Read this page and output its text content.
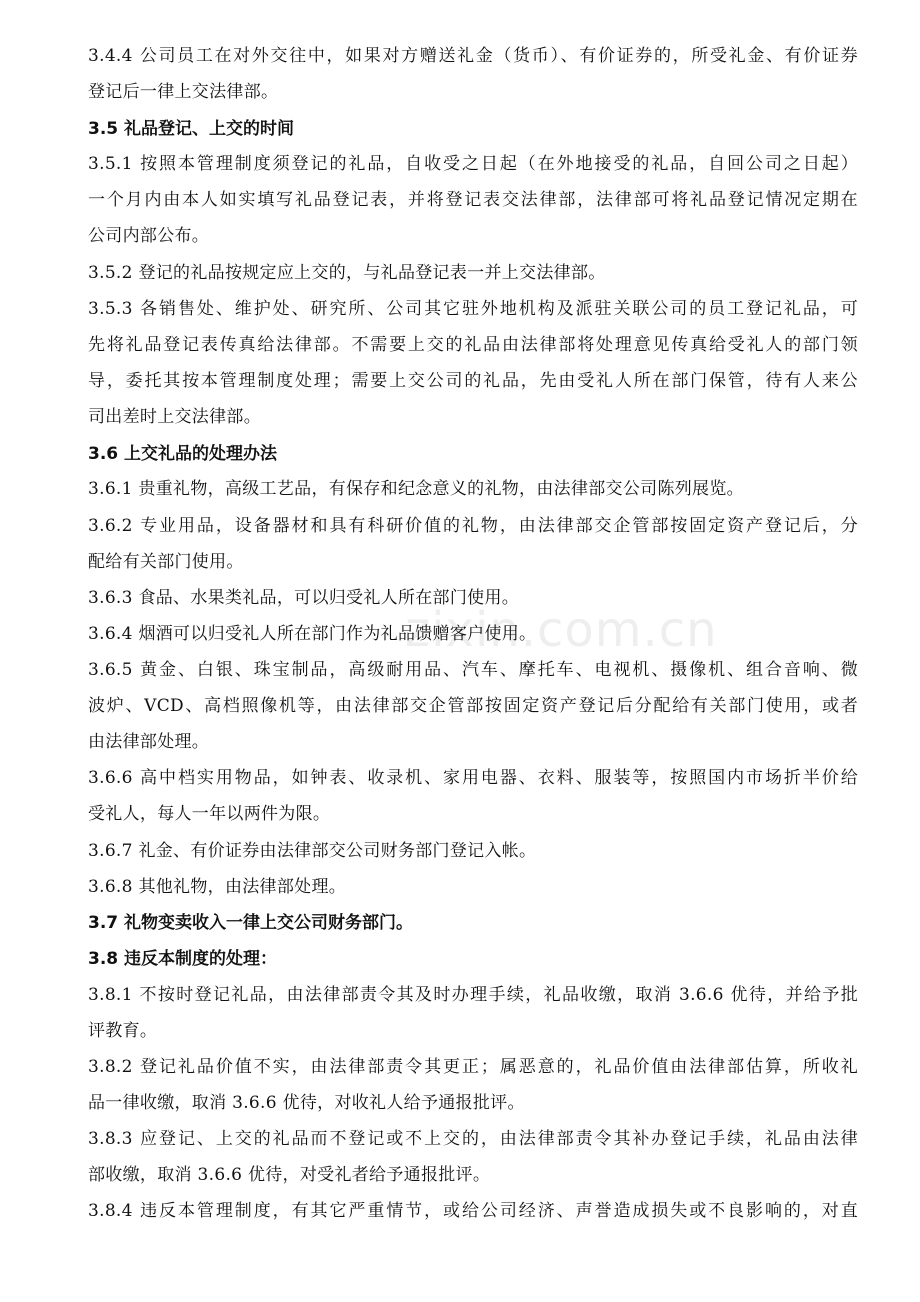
zixin.com.cn
3.4.4 公司员工在对外交往中，如果对方赠送礼金（货币）、有价证券的，所受礼金、有价证券
登记后一律上交法律部。
3.5 礼品登记、上交的时间
3.5.1 按照本管理制度须登记的礼品，自收受之日起（在外地接受的礼品，自回公司之日起）
一个月内由本人如实填写礼品登记表，并将登记表交法律部，法律部可将礼品登记情况定期在
公司内部公布。
3.5.2 登记的礼品按规定应上交的，与礼品登记表一并上交法律部。
3.5.3 各销售处、维护处、研究所、公司其它驻外地机构及派驻关联公司的员工登记礼品，可
先将礼品登记表传真给法律部。不需要上交的礼品由法律部将处理意见传真给受礼人的部门领
导，委托其按本管理制度处理；需要上交公司的礼品，先由受礼人所在部门保管，待有人来公
司出差时上交法律部。
3.6 上交礼品的处理办法
3.6.1 贵重礼物，高级工艺品，有保存和纪念意义的礼物，由法律部交公司陈列展览。
3.6.2 专业用品，设备器材和具有科研价值的礼物，由法律部交企管部按固定资产登记后，分
配给有关部门使用。
3.6.3 食品、水果类礼品，可以归受礼人所在部门使用。
3.6.4 烟酒可以归受礼人所在部门作为礼品馈赠客户使用。
3.6.5 黄金、白银、珠宝制品，高级耐用品、汽车、摩托车、电视机、摄像机、组合音响、微
波炉、VCD、高档照像机等，由法律部交企管部按固定资产登记后分配给有关部门使用，或者
由法律部处理。
3.6.6 高中档实用物品，如钟表、收录机、家用电器、衣料、服装等，按照国内市场折半价给
受礼人，每人一年以两件为限。
3.6.7 礼金、有价证券由法律部交公司财务部门登记入帐。
3.6.8 其他礼物，由法律部处理。
3.7 礼物变卖收入一律上交公司财务部门。
3.8 违反本制度的处理：
3.8.1 不按时登记礼品，由法律部责令其及时办理手续，礼品收缴，取消 3.6.6 优待，并给予批
评教育。
3.8.2 登记礼品价值不实，由法律部责令其更正；属恶意的，礼品价值由法律部估算，所收礼
品一律收缴，取消 3.6.6 优待，对收礼人给予通报批评。
3.8.3 应登记、上交的礼品而不登记或不上交的，由法律部责令其补办登记手续，礼品由法律
部收缴，取消 3.6.6 优待，对受礼者给予通报批评。
3.8.4 违反本管理制度，有其它严重情节，或给公司经济、声誉造成损失或不良影响的，对直
